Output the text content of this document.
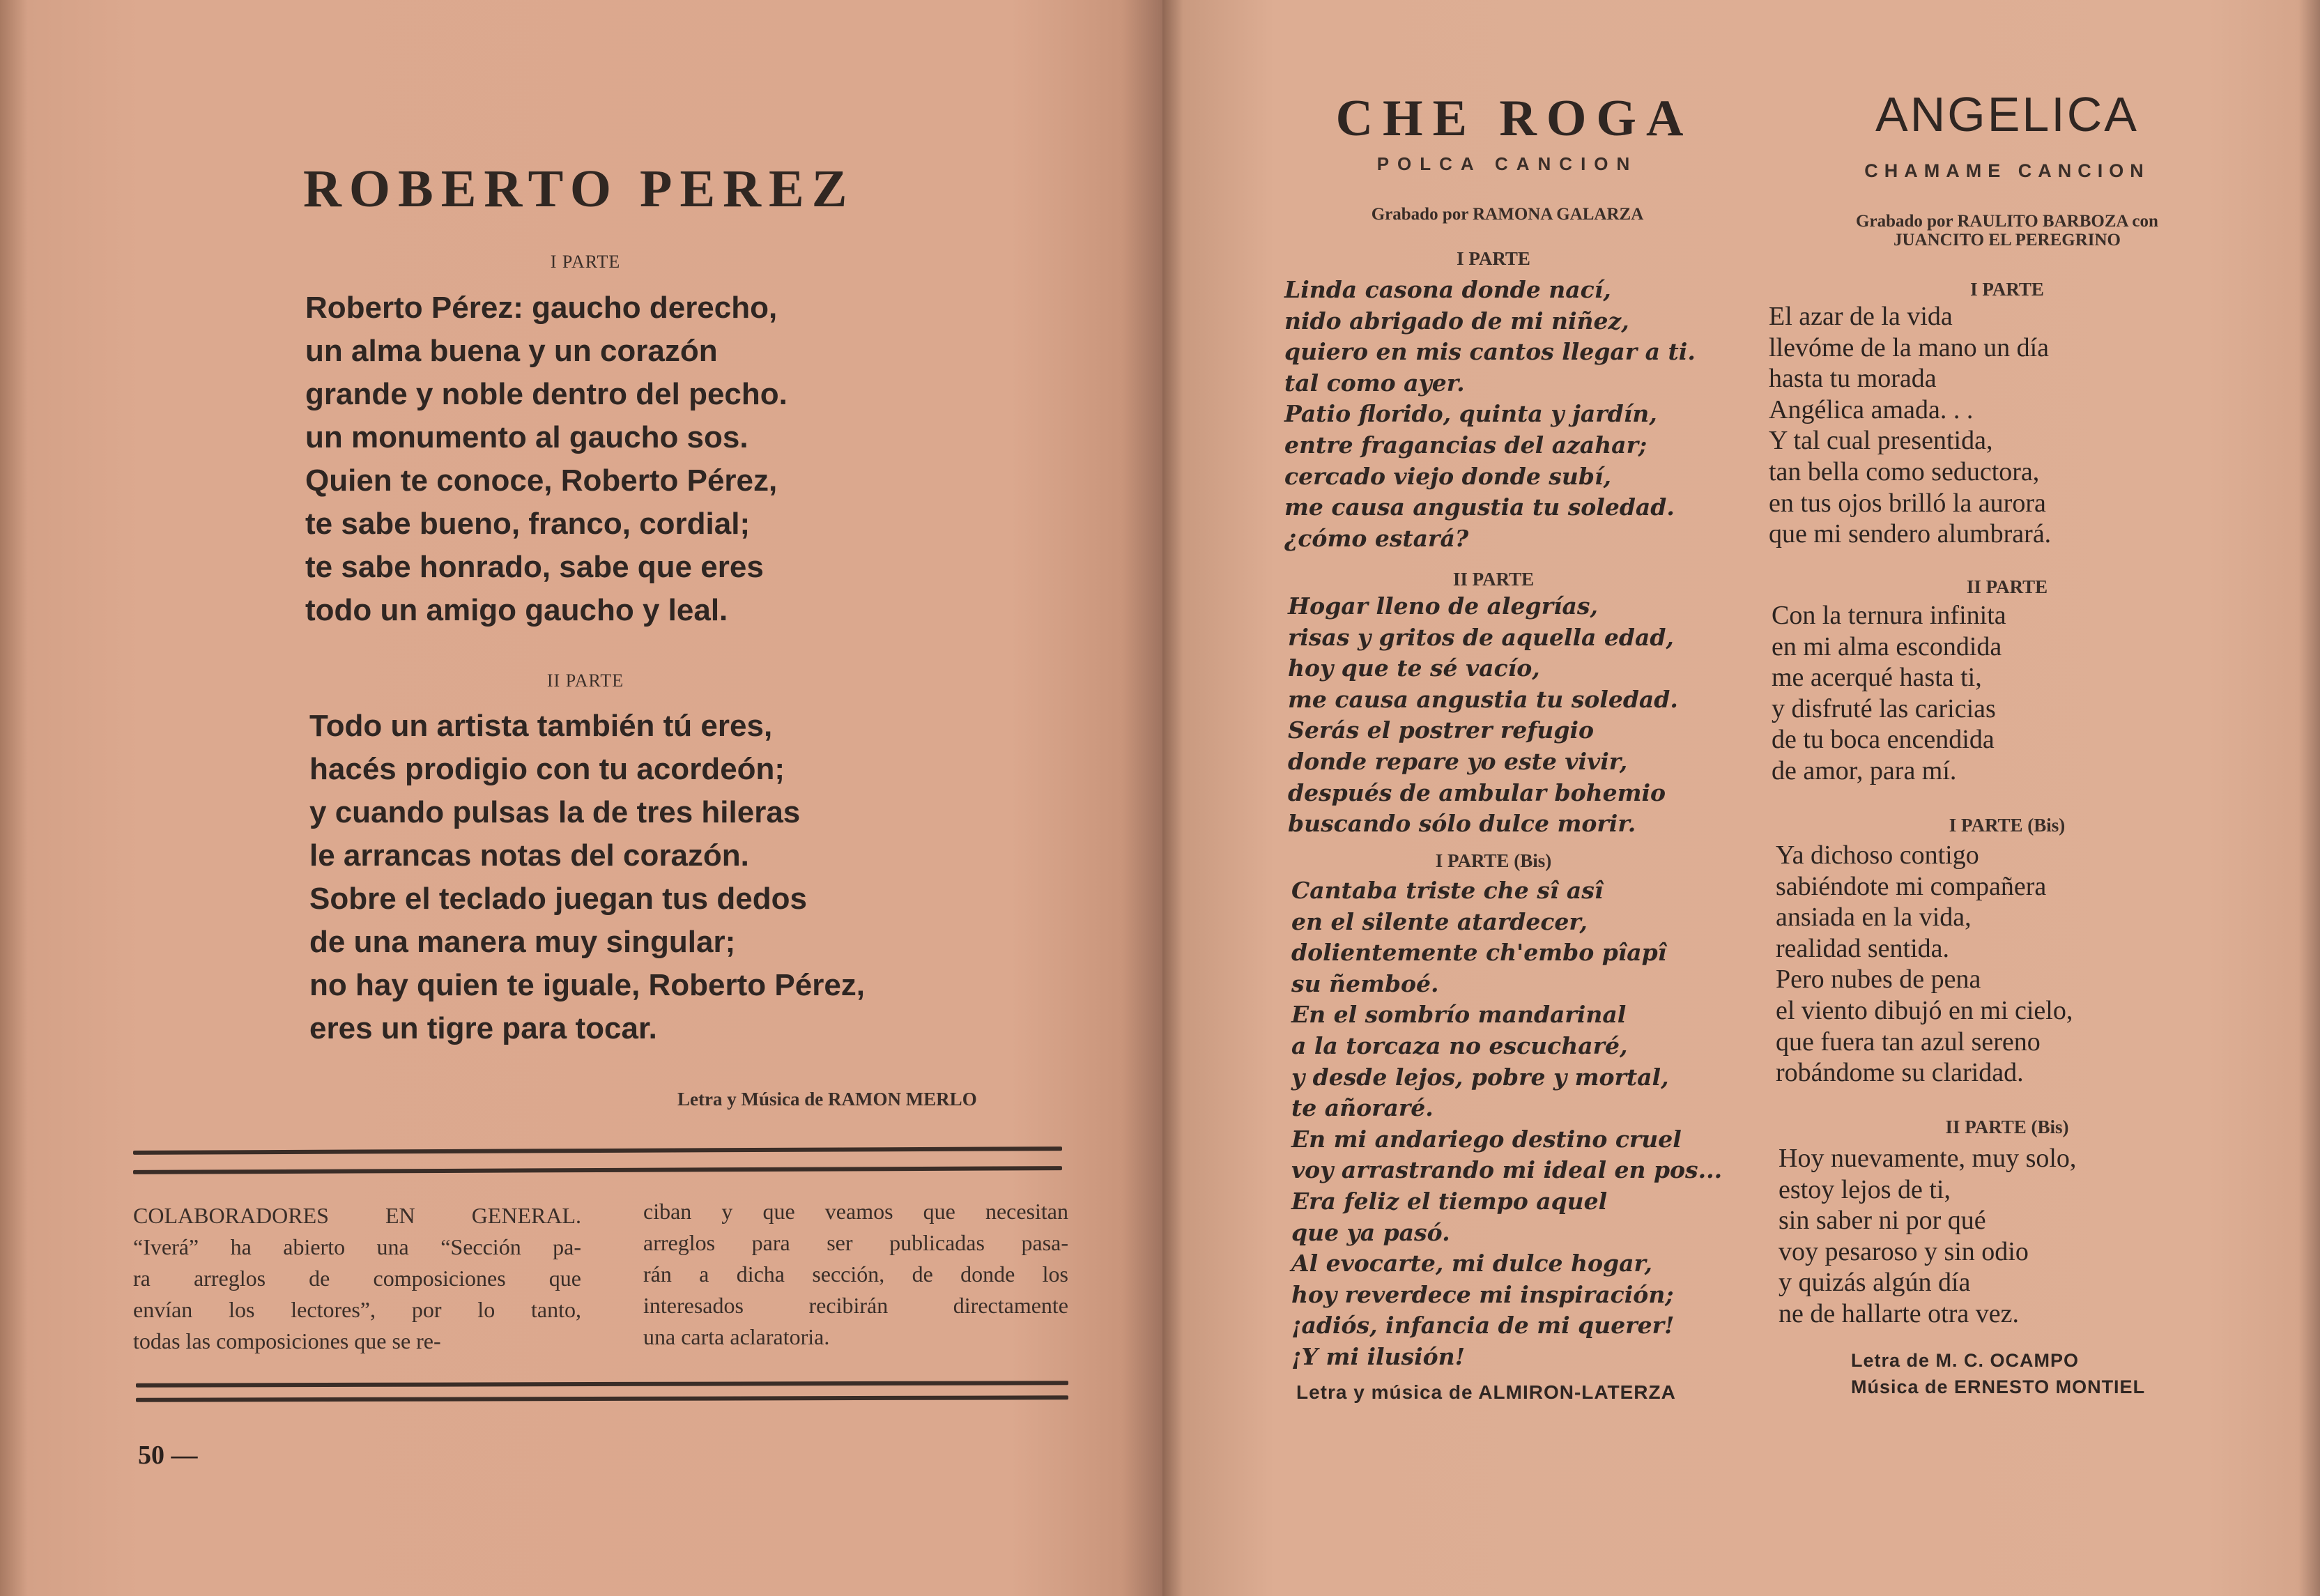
ROBERTO PEREZ
I PARTE
Roberto Pérez: gaucho derecho,
un alma buena y un corazón
grande y noble dentro del pecho.
un monumento al gaucho sos.
Quien te conoce, Roberto Pérez,
te sabe bueno, franco, cordial;
te sabe honrado, sabe que eres
todo un amigo gaucho y leal.
II PARTE
Todo un artista también tú eres,
hacés prodigio con tu acordeón;
y cuando pulsas la de tres hileras
le arrancas notas del corazón.
Sobre el teclado juegan tus dedos
de una manera muy singular;
no hay quien te iguale, Roberto Pérez,
eres un tigre para tocar.
Letra y Música de RAMON MERLO
COLABORADORES EN GENERAL.
“Iverá” ha abierto una “Sección pa-
ra arreglos de composiciones que
envían los lectores”, por lo tanto,
todas las composiciones que se re-
ciban y que veamos que necesitan
arreglos para ser publicadas pasa-
rán a dicha sección, de donde los
interesados recibirán directamente
una carta aclaratoria.
50 —
CHE ROGA
POLCA CANCION
Grabado por RAMONA GALARZA
I PARTE
Linda casona donde nací,
nido abrigado de mi niñez,
quiero en mis cantos llegar a ti.
tal como ayer.
Patio florido, quinta y jardín,
entre fragancias del azahar;
cercado viejo donde subí,
me causa angustia tu soledad.
¿cómo estará?
II PARTE
Hogar lleno de alegrías,
risas y gritos de aquella edad,
hoy que te sé vacío,
me causa angustia tu soledad.
Serás el postrer refugio
donde repare yo este vivir,
después de ambular bohemio
buscando sólo dulce morir.
I PARTE (Bis)
Cantaba triste che sî asî
en el silente atardecer,
dolientemente ch'embo pîapî
su ñemboé.
En el sombrío mandarinal
a la torcaza no escucharé,
y desde lejos, pobre y mortal,
te añoraré.
En mi andariego destino cruel
voy arrastrando mi ideal en pos...
Era feliz el tiempo aquel
que ya pasó.
Al evocarte, mi dulce hogar,
hoy reverdece mi inspiración;
¡adiós, infancia de mi querer!
¡Y mi ilusión!
Letra y música de ALMIRON-LATERZA
ANGELICA
CHAMAME CANCION
Grabado por RAULITO BARBOZA con
JUANCITO EL PEREGRINO
I PARTE
El azar de la vida
llevóme de la mano un día
hasta tu morada
Angélica amada. . .
Y tal cual presentida,
tan bella como seductora,
en tus ojos brilló la aurora
que mi sendero alumbrará.
II PARTE
Con la ternura infinita
en mi alma escondida
me acerqué hasta ti,
y disfruté las caricias
de tu boca encendida
de amor, para mí.
I PARTE (Bis)
Ya dichoso contigo
sabiéndote mi compañera
ansiada en la vida,
realidad sentida.
Pero nubes de pena
el viento dibujó en mi cielo,
que fuera tan azul sereno
robándome su claridad.
II PARTE (Bis)
Hoy nuevamente, muy solo,
estoy lejos de ti,
sin saber ni por qué
voy pesaroso y sin odio
y quizás algún día
ne de hallarte otra vez.
Letra de M. C. OCAMPO
Música de ERNESTO MONTIEL
